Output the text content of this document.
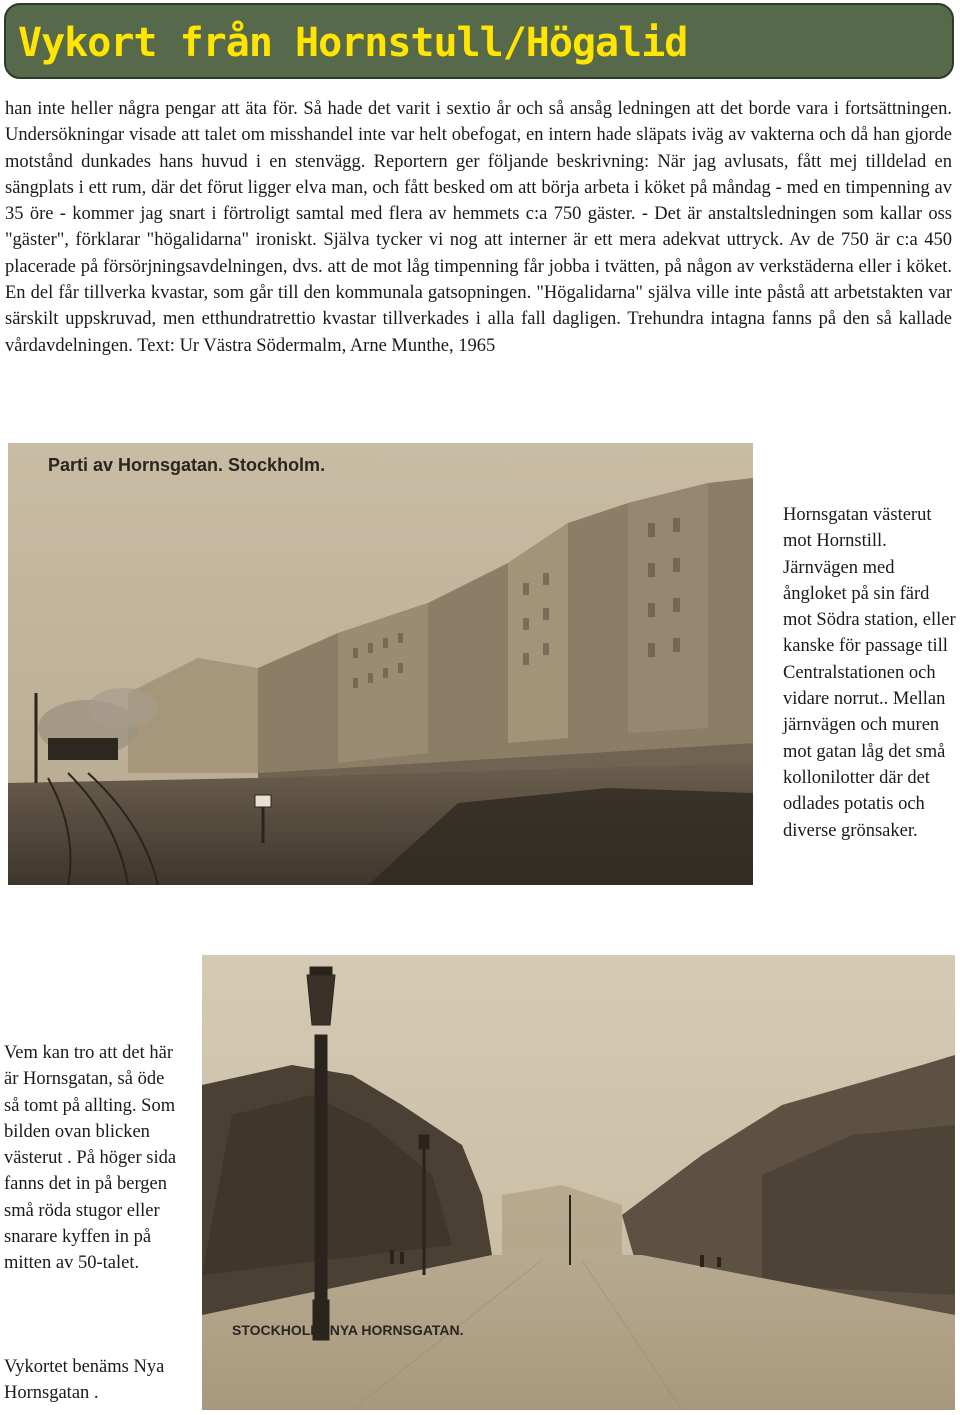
Vykort från Hornstull/Högalid

han inte heller några pengar att äta för. Så hade det varit i sextio år och så ansåg ledningen att det borde vara i fortsättningen. Undersökningar visade att talet om misshandel inte var helt obefogat, en intern hade släpats iväg av vakterna och då han gjorde motstånd dunkades hans huvud i en stenvägg. Reportern ger följande beskrivning: När jag avlusats, fått mej tilldelad en sängplats i ett rum, där det förut ligger elva man, och fått besked om att börja arbeta i köket på måndag - med en timpenning av 35 öre - kommer jag snart i förtroligt samtal med flera av hemmets c:a 750 gäster. - Det är anstaltsledningen som kallar oss "gäster", förklarar "högalidarna" ironiskt. Själva tycker vi nog att interner är ett mera adekvat uttryck. Av de 750 är c:a 450 placerade på försörjningsavdelningen, dvs. att de mot låg timpenning får jobba i tvätten, på någon av verkstäderna eller i köket. En del får tillverka kvastar, som går till den kommunala gatsopningen. "Högalidarna" själva ville inte påstå att arbetstakten var särskilt uppskruvad, men etthundratrettio kvastar tillverkades i alla fall dagligen. Trehundra intagna fanns på den så kallade vårdavdelningen. Text: Ur Västra Södermalm, Arne Munthe, 1965

Parti av Hornsgatan. Stockholm.

Hornsgatan västerut mot Hornstill. Järnvägen med ångloket på sin färd mot Södra station, eller kanske för passage till Centralstationen och vidare norrut.. Mellan järnvägen och muren mot gatan låg det små kollonilotter där det odlades potatis och diverse grönsaker.

STOCKHOLM. NYA HORNSGATAN.

Vem kan tro att det här är Hornsgatan, så öde så tomt på allting. Som bilden ovan blicken västerut . På höger sida fanns det in på bergen små röda stugor eller snarare kyffen in på mitten av 50-talet.

Vykortet benäms Nya Hornsgatan .
